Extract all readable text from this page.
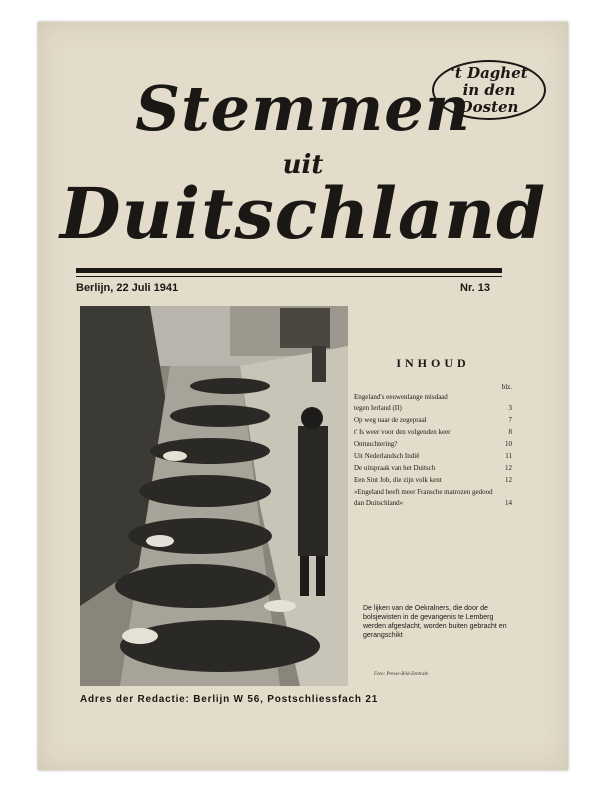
't Daghet
in den Oosten
Stemmen
uit
Duitschland
Berlijn, 22 Juli 1941	Nr. 13
INHOUD
blz.
Engeland's eeuwenlange misdaad
tegen Ierland (II)	3
Op weg naar de zegepraal	7
t' Is weer voor den volgenden keer	8
Ontnuchtering?	10
Uit Nederlandsch Indië	11
De uitspraak van het Duitsch	12
Een Sint Job, die zijn volk kent	12
»Engeland heeft meer Fransche matrozen gedood dan Duitschland«	14
De lijken van de Oekralners, die door de bolsjewisten in de gevangenis te Lemberg werden afgeslacht, worden buiten gebracht en gerangschikt
Foto: Presse-Bild-Zentrale
Adres der Redactie: Berlijn W 56, Postschliessfach 21
